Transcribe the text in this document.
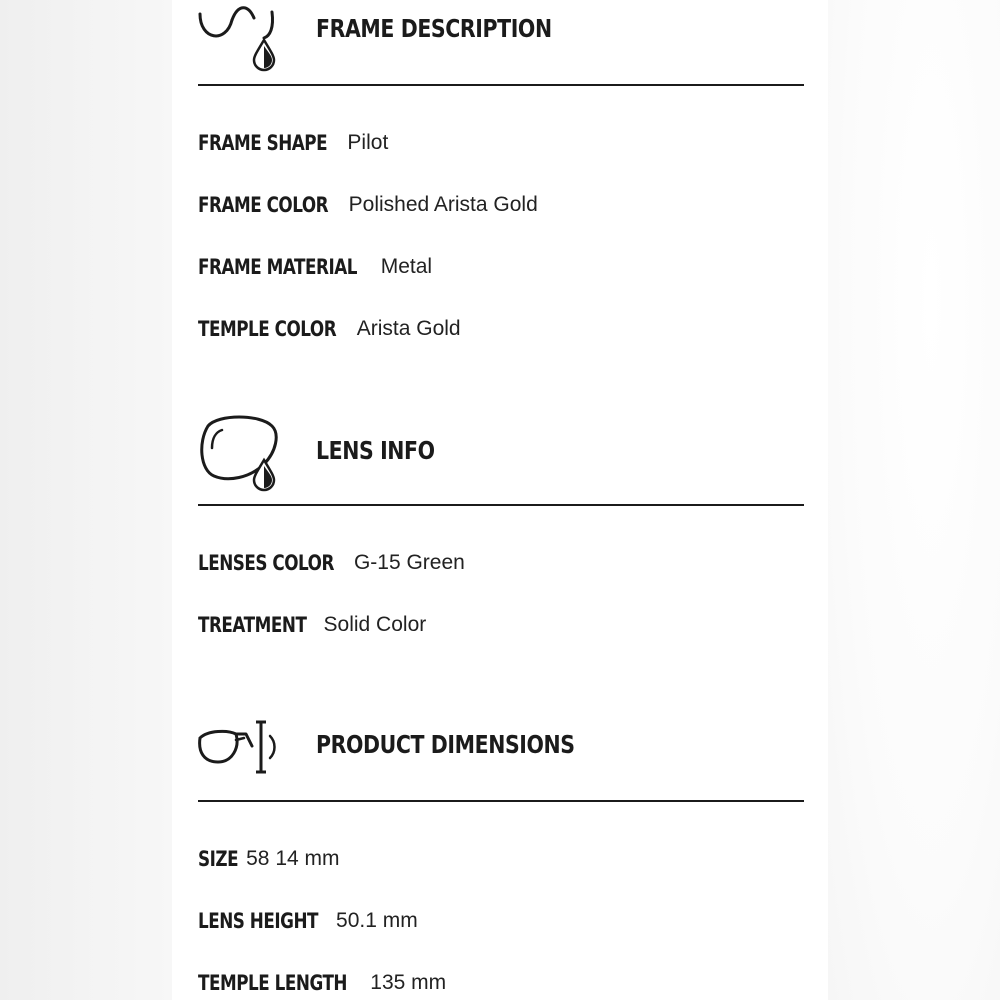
FRAME DESCRIPTION
FRAME SHAPE Pilot
FRAME COLOR Polished Arista Gold
FRAME MATERIAL Metal
TEMPLE COLOR Arista Gold
LENS INFO
LENSES COLOR G-15 Green
TREATMENT Solid Color
PRODUCT DIMENSIONS
SIZE 58 14 mm
LENS HEIGHT 50.1 mm
TEMPLE LENGTH 135 mm
